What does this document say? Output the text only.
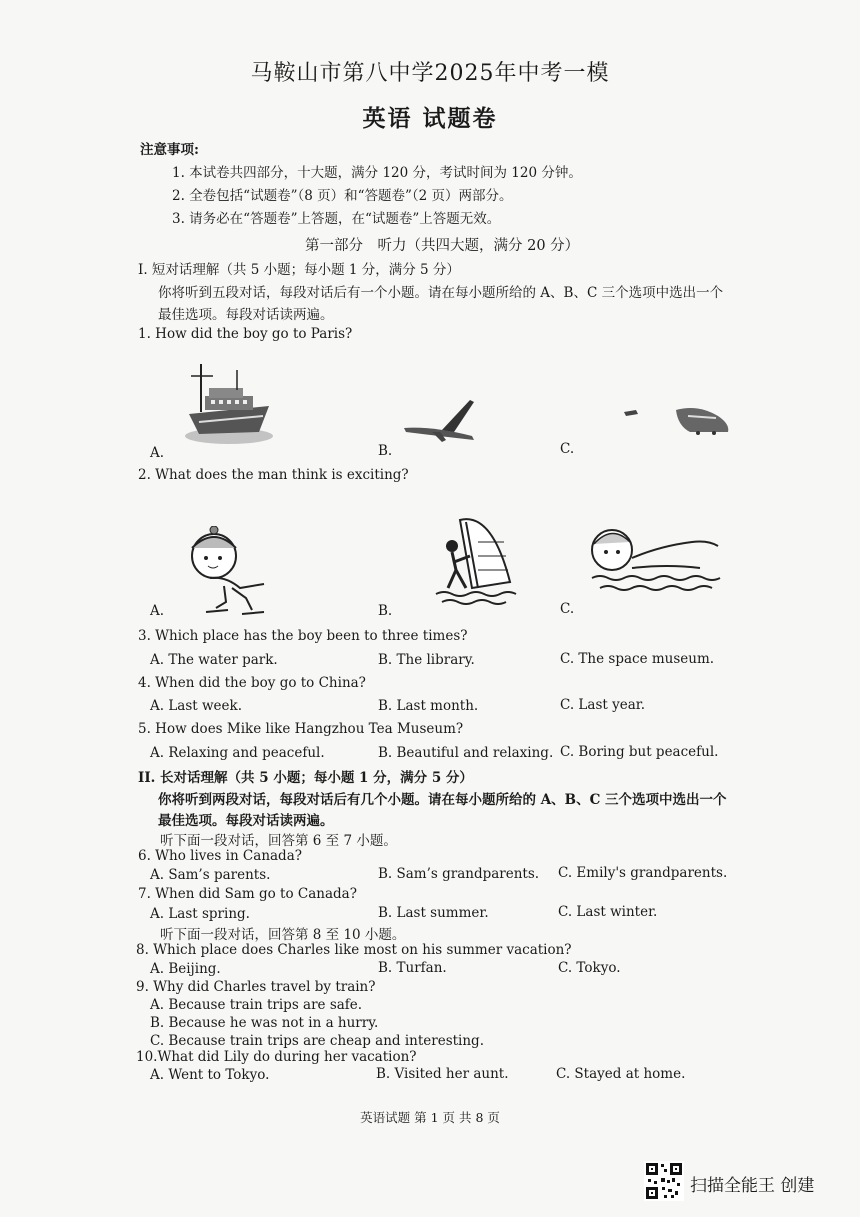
马鞍山市第八中学2025年中考一模
英语 试题卷
注意事项:
1. 本试卷共四部分，十大题，满分 120 分，考试时间为 120 分钟。
2. 全卷包括“试题卷”（8 页）和“答题卷”（2 页）两部分。
3. 请务必在“答题卷”上答题，在“试题卷”上答题无效。
第一部分　听力（共四大题，满分 20 分）
I. 短对话理解（共 5 小题；每小题 1 分，满分 5 分）
你将听到五段对话，每段对话后有一个小题。请在每小题所给的 A、B、C 三个选项中选出一个
最佳选项。每段对话读两遍。
1. How did the boy go to Paris?
A.	B.	C.
2. What does the man think is exciting?
A.	B.	C.
3. Which place has the boy been to three times?
A. The water park.	B. The library.	C. The space museum.
4. When did the boy go to China?
A. Last week.	B. Last month.	C. Last year.
5. How does Mike like Hangzhou Tea Museum?
A. Relaxing and peaceful.	B. Beautiful and relaxing. C. Boring but peaceful.
II. 长对话理解（共 5 小题；每小题 1 分，满分 5 分）
你将听到两段对话，每段对话后有几个小题。请在每小题所给的 A、B、C 三个选项中选出一个
最佳选项。每段对话读两遍。
听下面一段对话，回答第 6 至 7 小题。
6. Who lives in Canada?
A. Sam’s parents.	B. Sam’s grandparents. C. Emily's grandparents.
7. When did Sam go to Canada?
A. Last spring.	B. Last summer.	C. Last winter.
听下面一段对话，回答第 8 至 10 小题。
8. Which place does Charles like most on his summer vacation?
A. Beijing.	B. Turfan.	C. Tokyo.
9. Why did Charles travel by train?
A. Because train trips are safe.
B. Because he was not in a hurry.
C. Because train trips are cheap and interesting.
10.What did Lily do during her vacation?
A. Went to Tokyo.	B. Visited her aunt.	C. Stayed at home.
英语试题 第 1 页 共 8 页
扫描全能王 创建
